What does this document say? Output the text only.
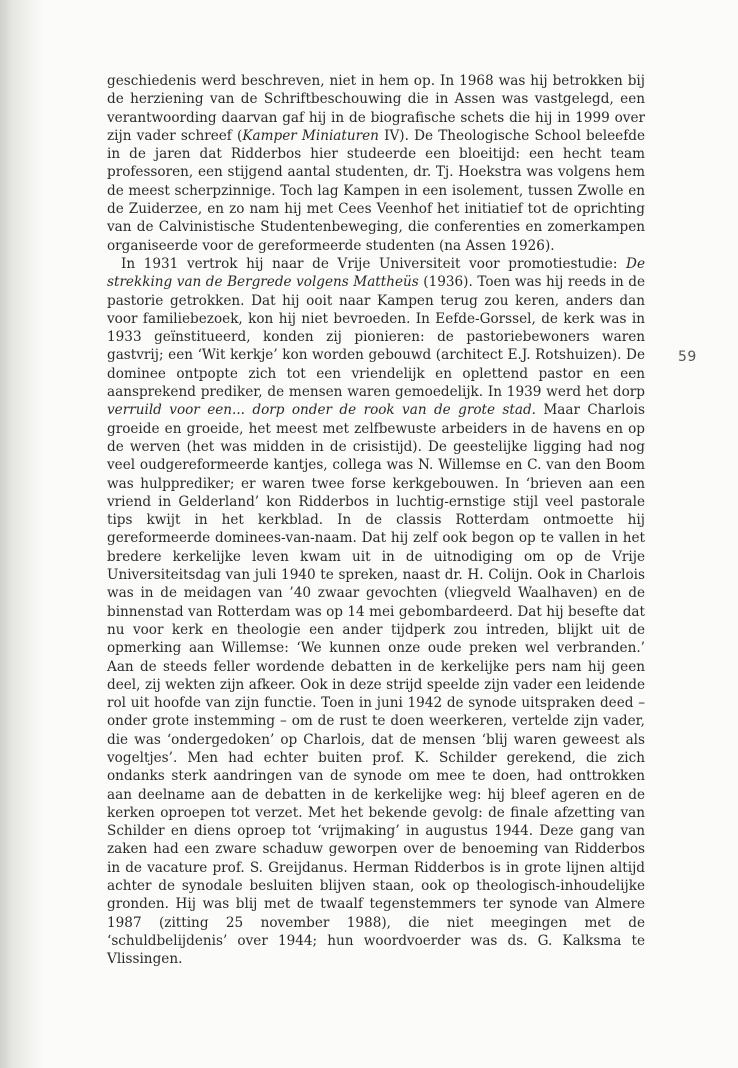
geschiedenis werd beschreven, niet in hem op. In 1968 was hij betrokken bij de herziening van de Schriftbeschouwing die in Assen was vastgelegd, een verantwoording daarvan gaf hij in de biografische schets die hij in 1999 over zijn vader schreef (Kamper Miniaturen IV). De Theologische School beleefde in de jaren dat Ridderbos hier studeerde een bloeitijd: een hecht team professoren, een stijgend aantal studenten, dr. Tj. Hoekstra was volgens hem de meest scherpzinnige. Toch lag Kampen in een isolement, tussen Zwolle en de Zuiderzee, en zo nam hij met Cees Veenhof het initiatief tot de oprichting van de Calvinistische Studentenbeweging, die conferenties en zomerkampen organiseerde voor de gereformeerde studenten (na Assen 1926).

In 1931 vertrok hij naar de Vrije Universiteit voor promotiestudie: De strekking van de Bergrede volgens Mattheüs (1936). Toen was hij reeds in de pastorie getrokken. Dat hij ooit naar Kampen terug zou keren, anders dan voor familiebezoek, kon hij niet bevroeden. In Eefde-Gorssel, de kerk was in 1933 geïnstitueerd, konden zij pionieren: de pastoriebewoners waren gastvrij; een ‘Wit kerkje’ kon worden gebouwd (architect E.J. Rotshuizen). De dominee ontpopte zich tot een vriendelijk en oplettend pastor en een aansprekend prediker, de mensen waren gemoedelijk. In 1939 werd het dorp verruild voor een... dorp onder de rook van de grote stad. Maar Charlois groeide en groeide, het meest met zelfbewuste arbeiders in de havens en op de werven (het was midden in de crisistijd). De geestelijke ligging had nog veel oudgereformeerde kantjes, collega was N. Willemse en C. van den Boom was hulpprediker; er waren twee forse kerkgebouwen. In ‘brieven aan een vriend in Gelderland’ kon Ridderbos in luchtig-ernstige stijl veel pastorale tips kwijt in het kerkblad. In de classis Rotterdam ontmoette hij gereformeerde dominees-van-naam. Dat hij zelf ook begon op te vallen in het bredere kerkelijke leven kwam uit in de uitnodiging om op de Vrije Universiteitsdag van juli 1940 te spreken, naast dr. H. Colijn. Ook in Charlois was in de meidagen van ’40 zwaar gevochten (vliegveld Waalhaven) en de binnenstad van Rotterdam was op 14 mei gebombardeerd. Dat hij besefte dat nu voor kerk en theologie een ander tijdperk zou intreden, blijkt uit de opmerking aan Willemse: ‘We kunnen onze oude preken wel verbranden.’ Aan de steeds feller wordende debatten in de kerkelijke pers nam hij geen deel, zij wekten zijn afkeer. Ook in deze strijd speelde zijn vader een leidende rol uit hoofde van zijn functie. Toen in juni 1942 de synode uitspraken deed – onder grote instemming – om de rust te doen weerkeren, vertelde zijn vader, die was ‘ondergedoken’ op Charlois, dat de mensen ‘blij waren geweest als vogeltjes’. Men had echter buiten prof. K. Schilder gerekend, die zich ondanks sterk aandringen van de synode om mee te doen, had onttrokken aan deelname aan de debatten in de kerkelijke weg: hij bleef ageren en de kerken oproepen tot verzet. Met het bekende gevolg: de finale afzetting van Schilder en diens oproep tot ‘vrijmaking’ in augustus 1944. Deze gang van zaken had een zware schaduw geworpen over de benoeming van Ridderbos in de vacature prof. S. Greijdanus. Herman Ridderbos is in grote lijnen altijd achter de synodale besluiten blijven staan, ook op theologisch-inhoudelijke gronden. Hij was blij met de twaalf tegenstemmers ter synode van Almere 1987 (zitting 25 november 1988), die niet meegingen met de ‘schuldbelijdenis’ over 1944; hun woordvoerder was ds. G. Kalksma te Vlissingen.

59
